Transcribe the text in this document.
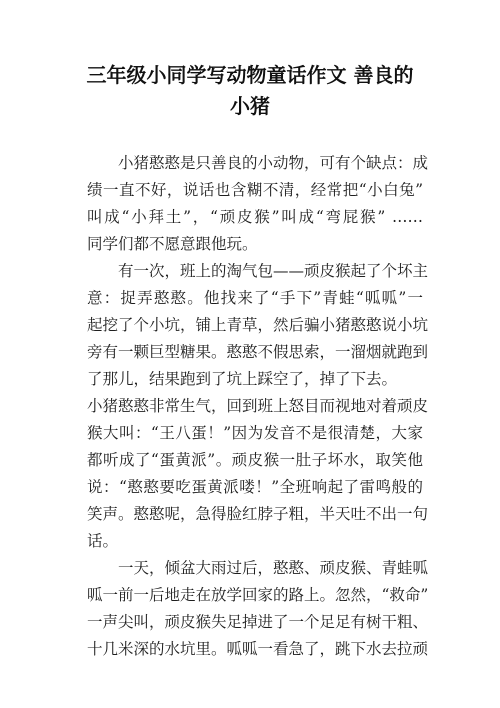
三年级小同学写动物童话作文 善良的
小猪
小猪憨憨是只善良的小动物，可有个缺点：成
绩一直不好，说话也含糊不清，经常把“小白兔”
叫成“小拜土”，“顽皮猴”叫成“弯屁猴” ……
同学们都不愿意跟他玩。
有一次，班上的淘气包——顽皮猴起了个坏主
意：捉弄憨憨。他找来了“手下”青蛙“呱呱”一
起挖了个小坑，铺上青草，然后骗小猪憨憨说小坑
旁有一颗巨型糖果。憨憨不假思索，一溜烟就跑到
了那儿，结果跑到了坑上踩空了，掉了下去。
小猪憨憨非常生气，回到班上怒目而视地对着顽皮
猴大叫：“王八蛋！”因为发音不是很清楚，大家
都听成了“蛋黄派”。顽皮猴一肚子坏水，取笑他
说：“憨憨要吃蛋黄派喽！”全班响起了雷鸣般的
笑声。憨憨呢，急得脸红脖子粗，半天吐不出一句
话。
一天，倾盆大雨过后，憨憨、顽皮猴、青蛙呱
呱一前一后地走在放学回家的路上。忽然，“救命”
一声尖叫，顽皮猴失足掉进了一个足足有树干粗、
十几米深的水坑里。呱呱一看急了，跳下水去拉顽
